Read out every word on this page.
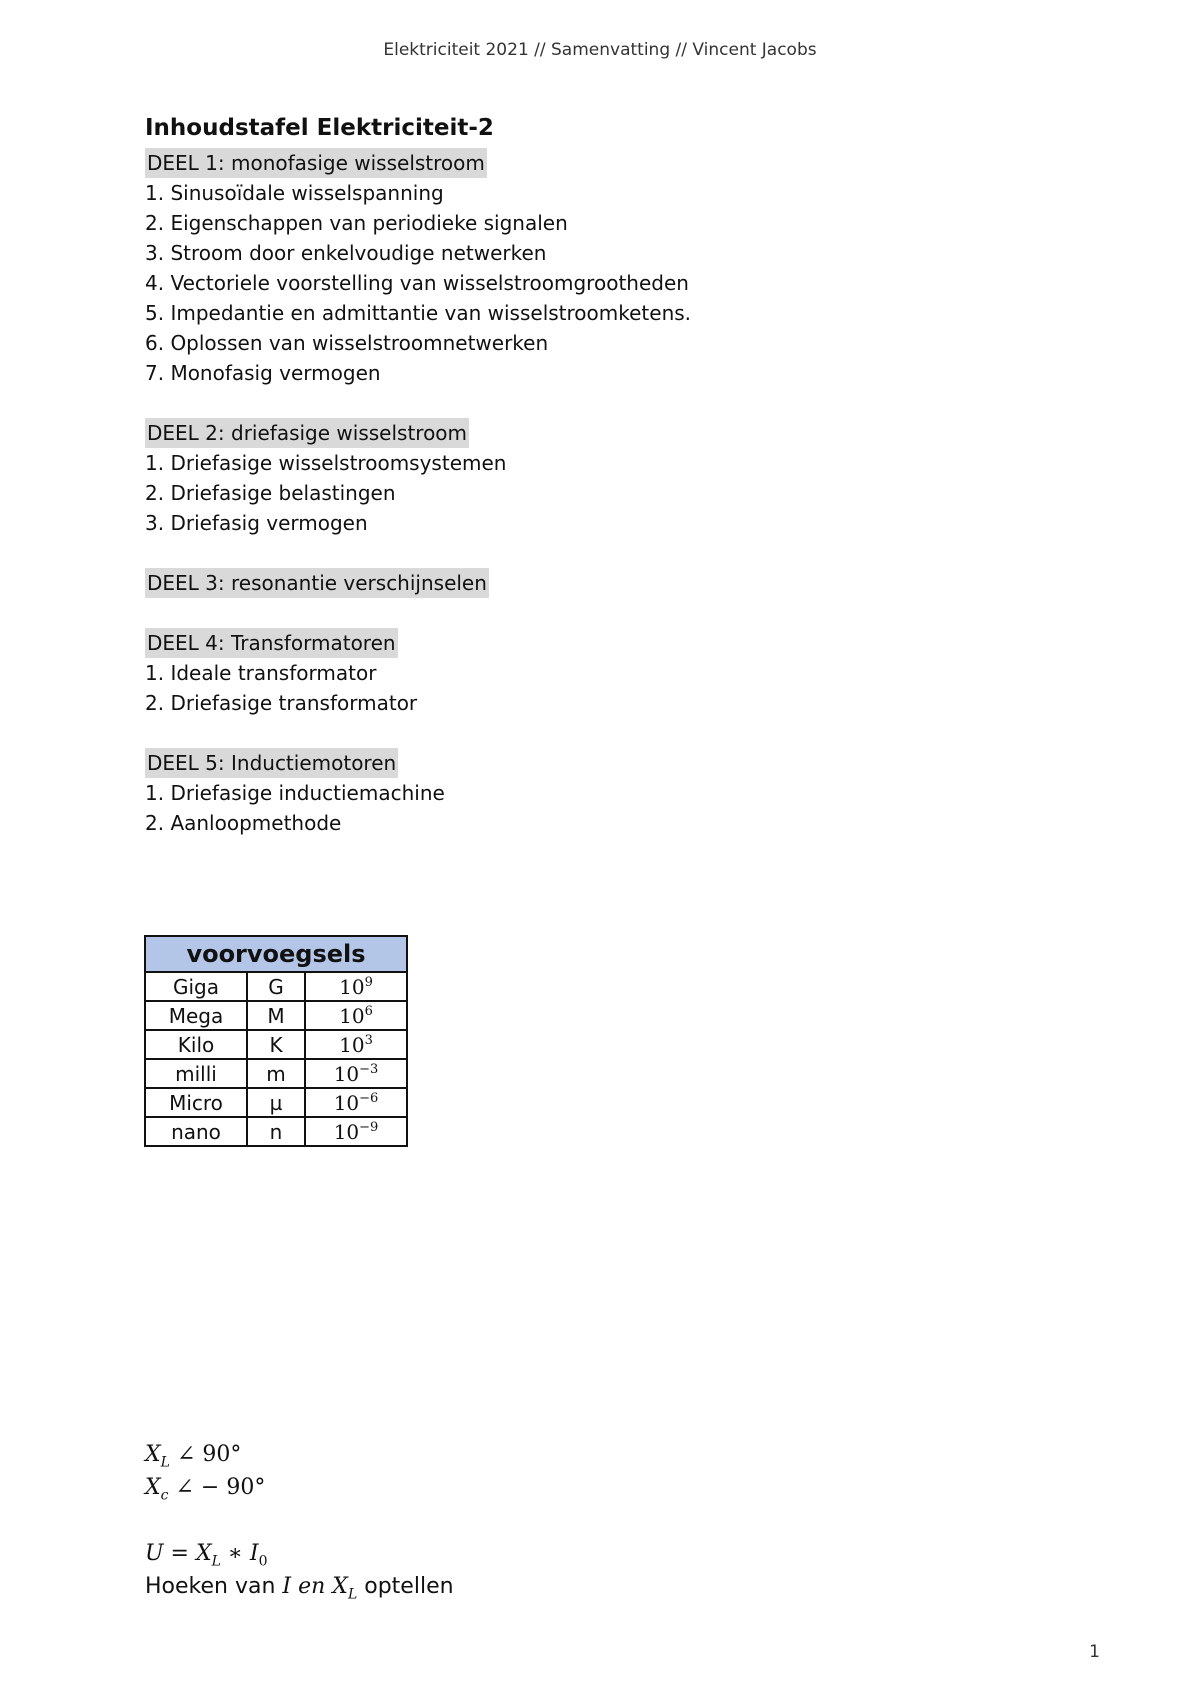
Elektriciteit 2021 // Samenvatting // Vincent Jacobs
Inhoudstafel Elektriciteit-2
DEEL 1: monofasige wisselstroom
1. Sinusoïdale wisselspanning
2. Eigenschappen van periodieke signalen
3. Stroom door enkelvoudige netwerken
4. Vectoriele voorstelling van wisselstroomgrootheden
5. Impedantie en admittantie van wisselstroomketens.
6. Oplossen van wisselstroomnetwerken
7. Monofasig vermogen
DEEL 2: driefasige wisselstroom
1. Driefasige wisselstroomsystemen
2. Driefasige belastingen
3. Driefasig vermogen
DEEL 3: resonantie verschijnselen
DEEL 4: Transformatoren
1. Ideale transformator
2. Driefasige transformator
DEEL 5: Inductiemotoren
1. Driefasige inductiemachine
2. Aanloopmethode
voorvoegsels		
Giga	G	$10^9$
Mega	M	$10^6$
Kilo	K	$10^3$
milli	m	$10^{-3}$
Micro	µ	$10^{-6}$
nano	n	$10^{-9}$
$X_L$ ∠ 90°
$X_c$ ∠ − 90°
$U = X_L$ ∗ $I_0$
Hoeken van I en $X_L$ optellen
1
